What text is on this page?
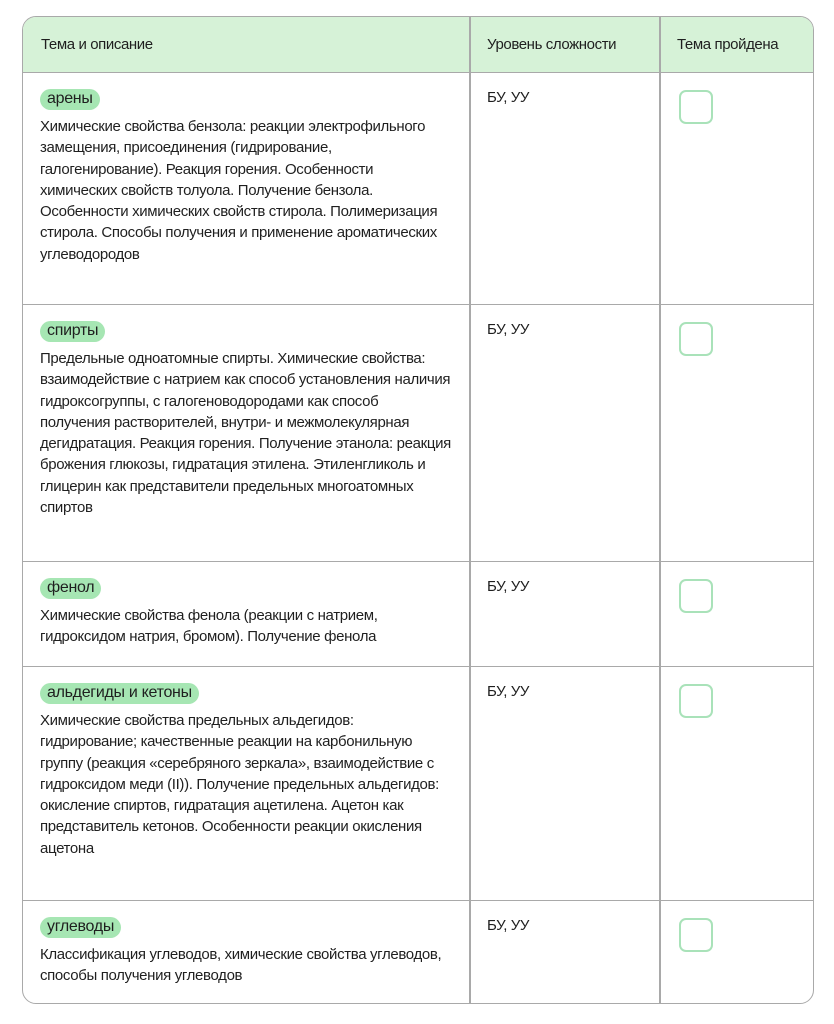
Тема и описание	Уровень сложности	Тема пройдена
арены
Химические свойства бензола: реакции электрофильного замещения, присоединения (гидрирование, галогенирование). Реакция горения. Особенности химических свойств толуола. Получение бензола. Особенности химических свойств стирола. Полимеризация стирола. Способы получения и применение ароматических углеводородов
БУ, УУ
спирты
Предельные одноатомные спирты. Химические свойства: взаимодействие с натрием как способ установления наличия гидроксогруппы, с галогеноводородами как способ получения растворителей, внутри- и межмолекулярная дегидратация. Реакция горения. Получение этанола: реакция брожения глюкозы, гидратация этилена. Этиленгликоль и глицерин как представители предельных многоатомных спиртов
БУ, УУ
фенол
Химические свойства фенола (реакции с натрием, гидроксидом натрия, бромом). Получение фенола
БУ, УУ
альдегиды и кетоны
Химические свойства предельных альдегидов: гидрирование; качественные реакции на карбонильную группу (реакция «серебряного зеркала», взаимодействие с гидроксидом меди (II)). Получение предельных альдегидов: окисление спиртов, гидратация ацетилена. Ацетон как представитель кетонов. Особенности реакции окисления ацетона
БУ, УУ
углеводы
Классификация углеводов, химические свойства углеводов, способы получения углеводов
БУ, УУ
